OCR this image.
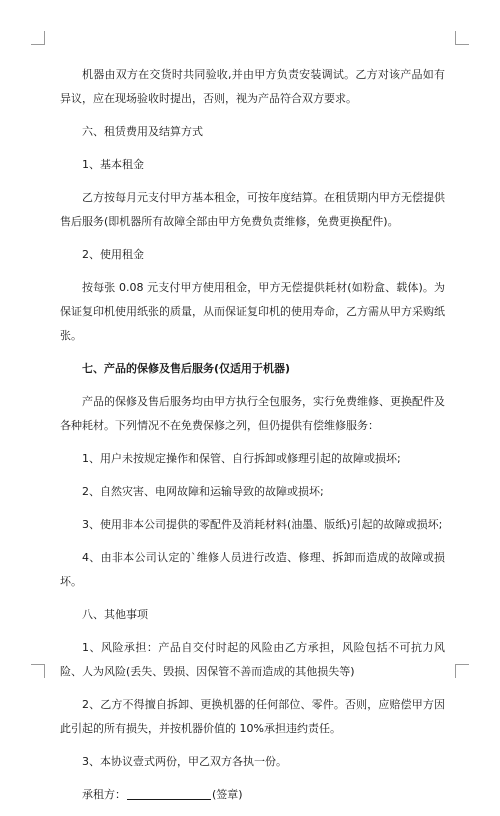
机器由双方在交货时共同验收,并由甲方负责安装调试。乙方对该产品如有异议，应在现场验收时提出，否则，视为产品符合双方要求。

六、租赁费用及结算方式

1、基本租金

乙方按每月元支付甲方基本租金，可按年度结算。在租赁期内甲方无偿提供售后服务(即机器所有故障全部由甲方免费负责维修，免费更换配件)。

2、使用租金

按每张 0.08 元支付甲方使用租金，甲方无偿提供耗材(如粉盒、载体)。为保证复印机使用纸张的质量，从而保证复印机的使用寿命，乙方需从甲方采购纸张。

七、产品的保修及售后服务(仅适用于机器)

产品的保修及售后服务均由甲方执行全包服务，实行免费维修、更换配件及各种耗材。下列情况不在免费保修之列，但仍提供有偿维修服务：

1、用户未按规定操作和保管、自行拆卸或修理引起的故障或损坏;

2、自然灾害、电网故障和运输导致的故障或损坏;

3、使用非本公司提供的零配件及消耗材料(油墨、版纸)引起的故障或损坏;

4、由非本公司认定的`维修人员进行改造、修理、拆卸而造成的故障或损坏。

八、其他事项

1、风险承担：产品自交付时起的风险由乙方承担，风险包括不可抗力风险、人为风险(丢失、毁损、因保管不善而造成的其他损失等)

2、乙方不得擅自拆卸、更换机器的任何部位、零件。否则，应赔偿甲方因此引起的所有损失，并按机器价值的 10%承担违约责任。

3、本协议壹式两份，甲乙双方各执一份。

承租方：	(签章)
